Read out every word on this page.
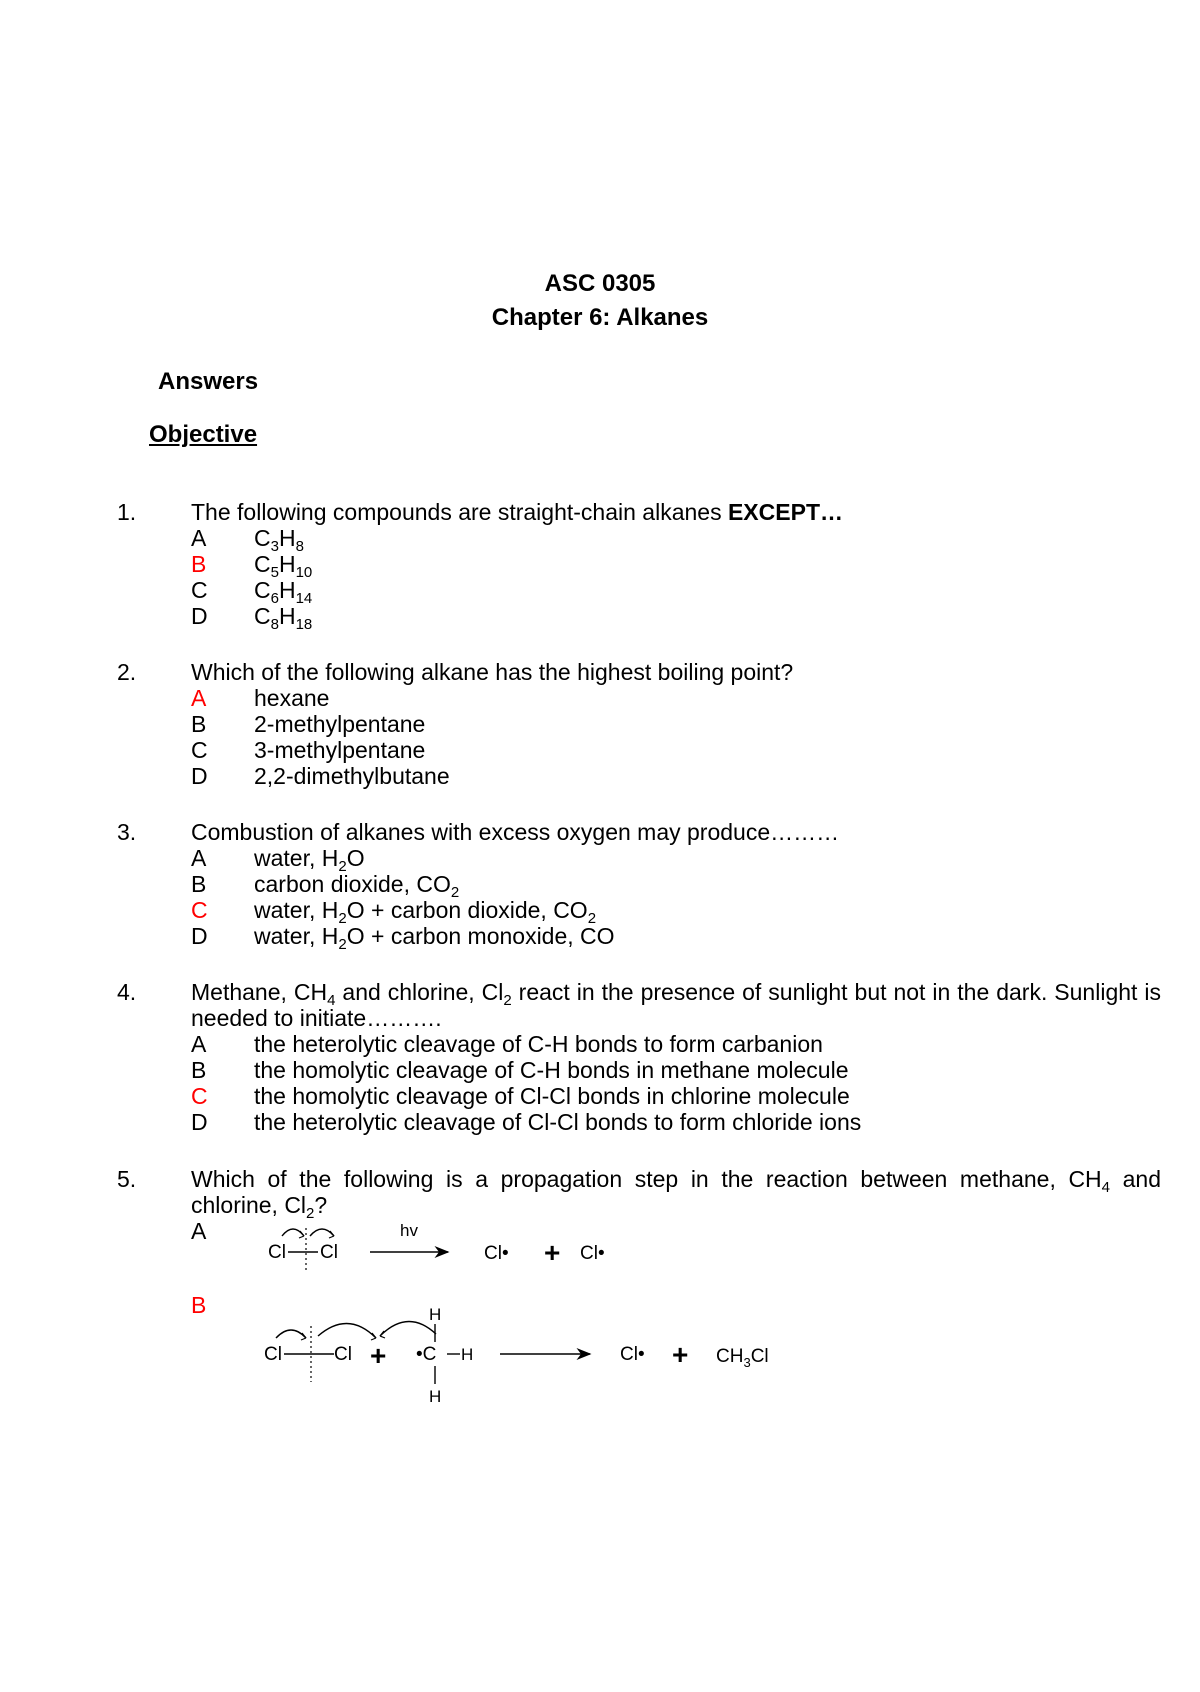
ASC 0305
Chapter 6: Alkanes
Answers
Objective
1. The following compounds are straight-chain alkanes EXCEPT…
A
B
C
D
$C_3H_8$
$C_5H_{10}$
$C_6H_{14}$
$C_8H_{18}$
2. Which of the following alkane has the highest boiling point?
A
B
C
D
hexane
2-methylpentane
3-methylpentane
2,2-dimethylbutane
3. Combustion of alkanes with excess oxygen may produce………
A
B
C
D
water, $H_2O$
carbon dioxide, $CO_2$
water, $H_2O$ + carbon dioxide, $CO_2$
water, $H_2O$ + carbon monoxide, CO
4. Methane, $CH_4$ and chlorine, $Cl_2$ react in the presence of sunlight but not in the dark. Sunlight is needed to initiate……….
A
B
C
D
the heterolytic cleavage of C-H bonds to form carbanion
the homolytic cleavage of C-H bonds in methane molecule
the homolytic cleavage of Cl-Cl bonds in chlorine molecule
the heterolytic cleavage of Cl-Cl bonds to form chloride ions
5. Which of the following is a propagation step in the reaction between methane, $CH_4$ and chlorine, $Cl_2$?
A
B
Cl Cl
hv
Cl• + Cl•
Cl	Cl +
H
•C H
H
Cl• + $CH_3Cl$
